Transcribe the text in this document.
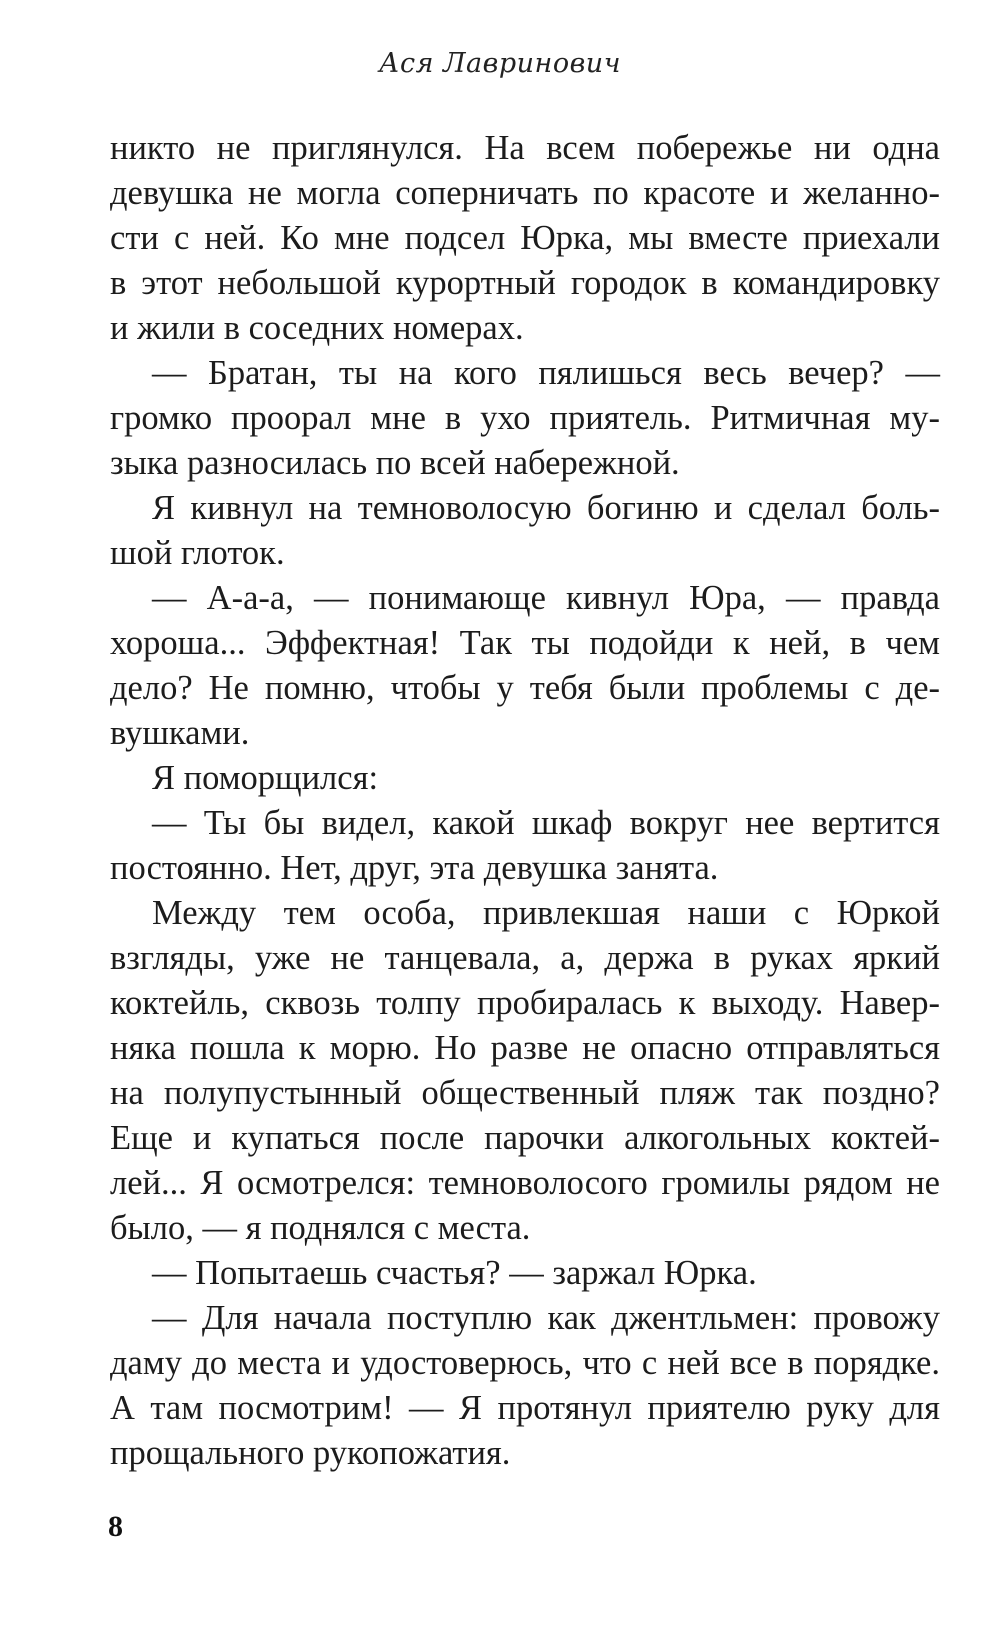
Ася Лавринович
никто не приглянулся. На всем побережье ни одна
девушка не могла соперничать по красоте и желанно-
сти с ней. Ко мне подсел Юрка, мы вместе приехали
в этот небольшой курортный городок в командировку
и жили в соседних номерах.
— Братан, ты на кого пялишься весь вечер? —
громко проорал мне в ухо приятель. Ритмичная му-
зыка разносилась по всей набережной.
Я кивнул на темноволосую богиню и сделал боль-
шой глоток.
— А-а-а, — понимающе кивнул Юра, — правда
хороша... Эффектная! Так ты подойди к ней, в чем
дело? Не помню, чтобы у тебя были проблемы с де-
вушками.
Я поморщился:
— Ты бы видел, какой шкаф вокруг нее вертится
постоянно. Нет, друг, эта девушка занята.
Между тем особа, привлекшая наши с Юркой
взгляды, уже не танцевала, а, держа в руках яркий
коктейль, сквозь толпу пробиралась к выходу. Навер-
няка пошла к морю. Но разве не опасно отправляться
на полупустынный общественный пляж так поздно?
Еще и купаться после парочки алкогольных коктей-
лей... Я осмотрелся: темноволосого громилы рядом не
было, — я поднялся с места.
— Попытаешь счастья? — заржал Юрка.
— Для начала поступлю как джентльмен: провожу
даму до места и удостоверюсь, что с ней все в порядке.
А там посмотрим! — Я протянул приятелю руку для
прощального рукопожатия.
8
